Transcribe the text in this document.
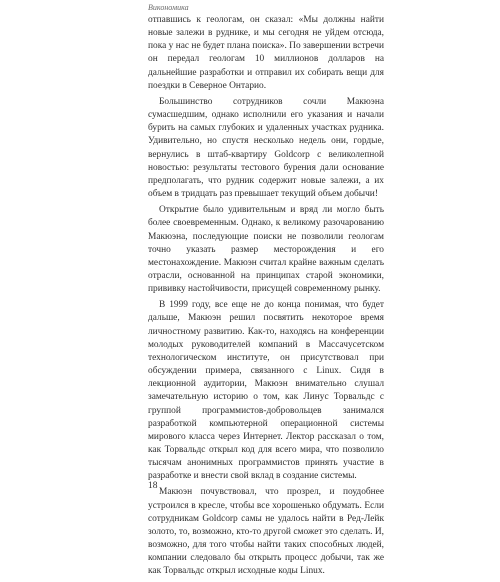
Викономика

отпавшись к геологам, он сказал: «Мы должны найти новые залежи в руднике, и мы сегодня не уйдем отсюда, пока у нас не будет плана поиска». По завершении встречи он передал геологам 10 миллионов долларов на дальнейшие разработки и отправил их собирать вещи для поездки в Северное Онтарио.

Большинство сотрудников сочли Макюэна сумасшедшим, однако исполнили его указания и начали бурить на самых глубоких и удаленных участках рудника. Удивительно, но спустя несколько недель они, гордые, вернулись в штаб-квартиру Goldcorp с великолепной новостью: результаты тестового бурения дали основание предполагать, что рудник содержит новые залежи, а их объем в тридцать раз превышает текущий объем добычи!

Открытие было удивительным и вряд ли могло быть более своевременным. Однако, к великому разочарованию Макюэна, последующие поиски не позволили геологам точно указать размер месторождения и его местонахождение. Макюэн считал крайне важным сделать отрасли, основанной на принципах старой экономики, прививку настойчивости, присущей современному рынку.

В 1999 году, все еще не до конца понимая, что будет дальше, Макюэн решил посвятить некоторое время личностному развитию. Как-то, находясь на конференции молодых руководителей компаний в Массачусетском технологическом институте, он присутствовал при обсуждении примера, связанного с Linux. Сидя в лекционной аудитории, Макюэн внимательно слушал замечательную историю о том, как Линус Торвальдс с группой программистов-добровольцев занимался разработкой компьютерной операционной системы мирового класса через Интернет. Лектор рассказал о том, как Торвальдс открыл код для всего мира, что позволило тысячам анонимных программистов принять участие в разработке и внести свой вклад в создание системы.

Макюэн почувствовал, что прозрел, и поудобнее устроился в кресле, чтобы все хорошенько обдумать. Если сотрудникам Goldcorp самы не удалось найти в Ред-Лейк золото, то, возможно, кто-то другой сможет это сделать. И, возможно, для того чтобы найти таких способных людей, компании следовало бы открыть процесс добычи, так же как Торвальдс открыл исходные коды Linux.

18
